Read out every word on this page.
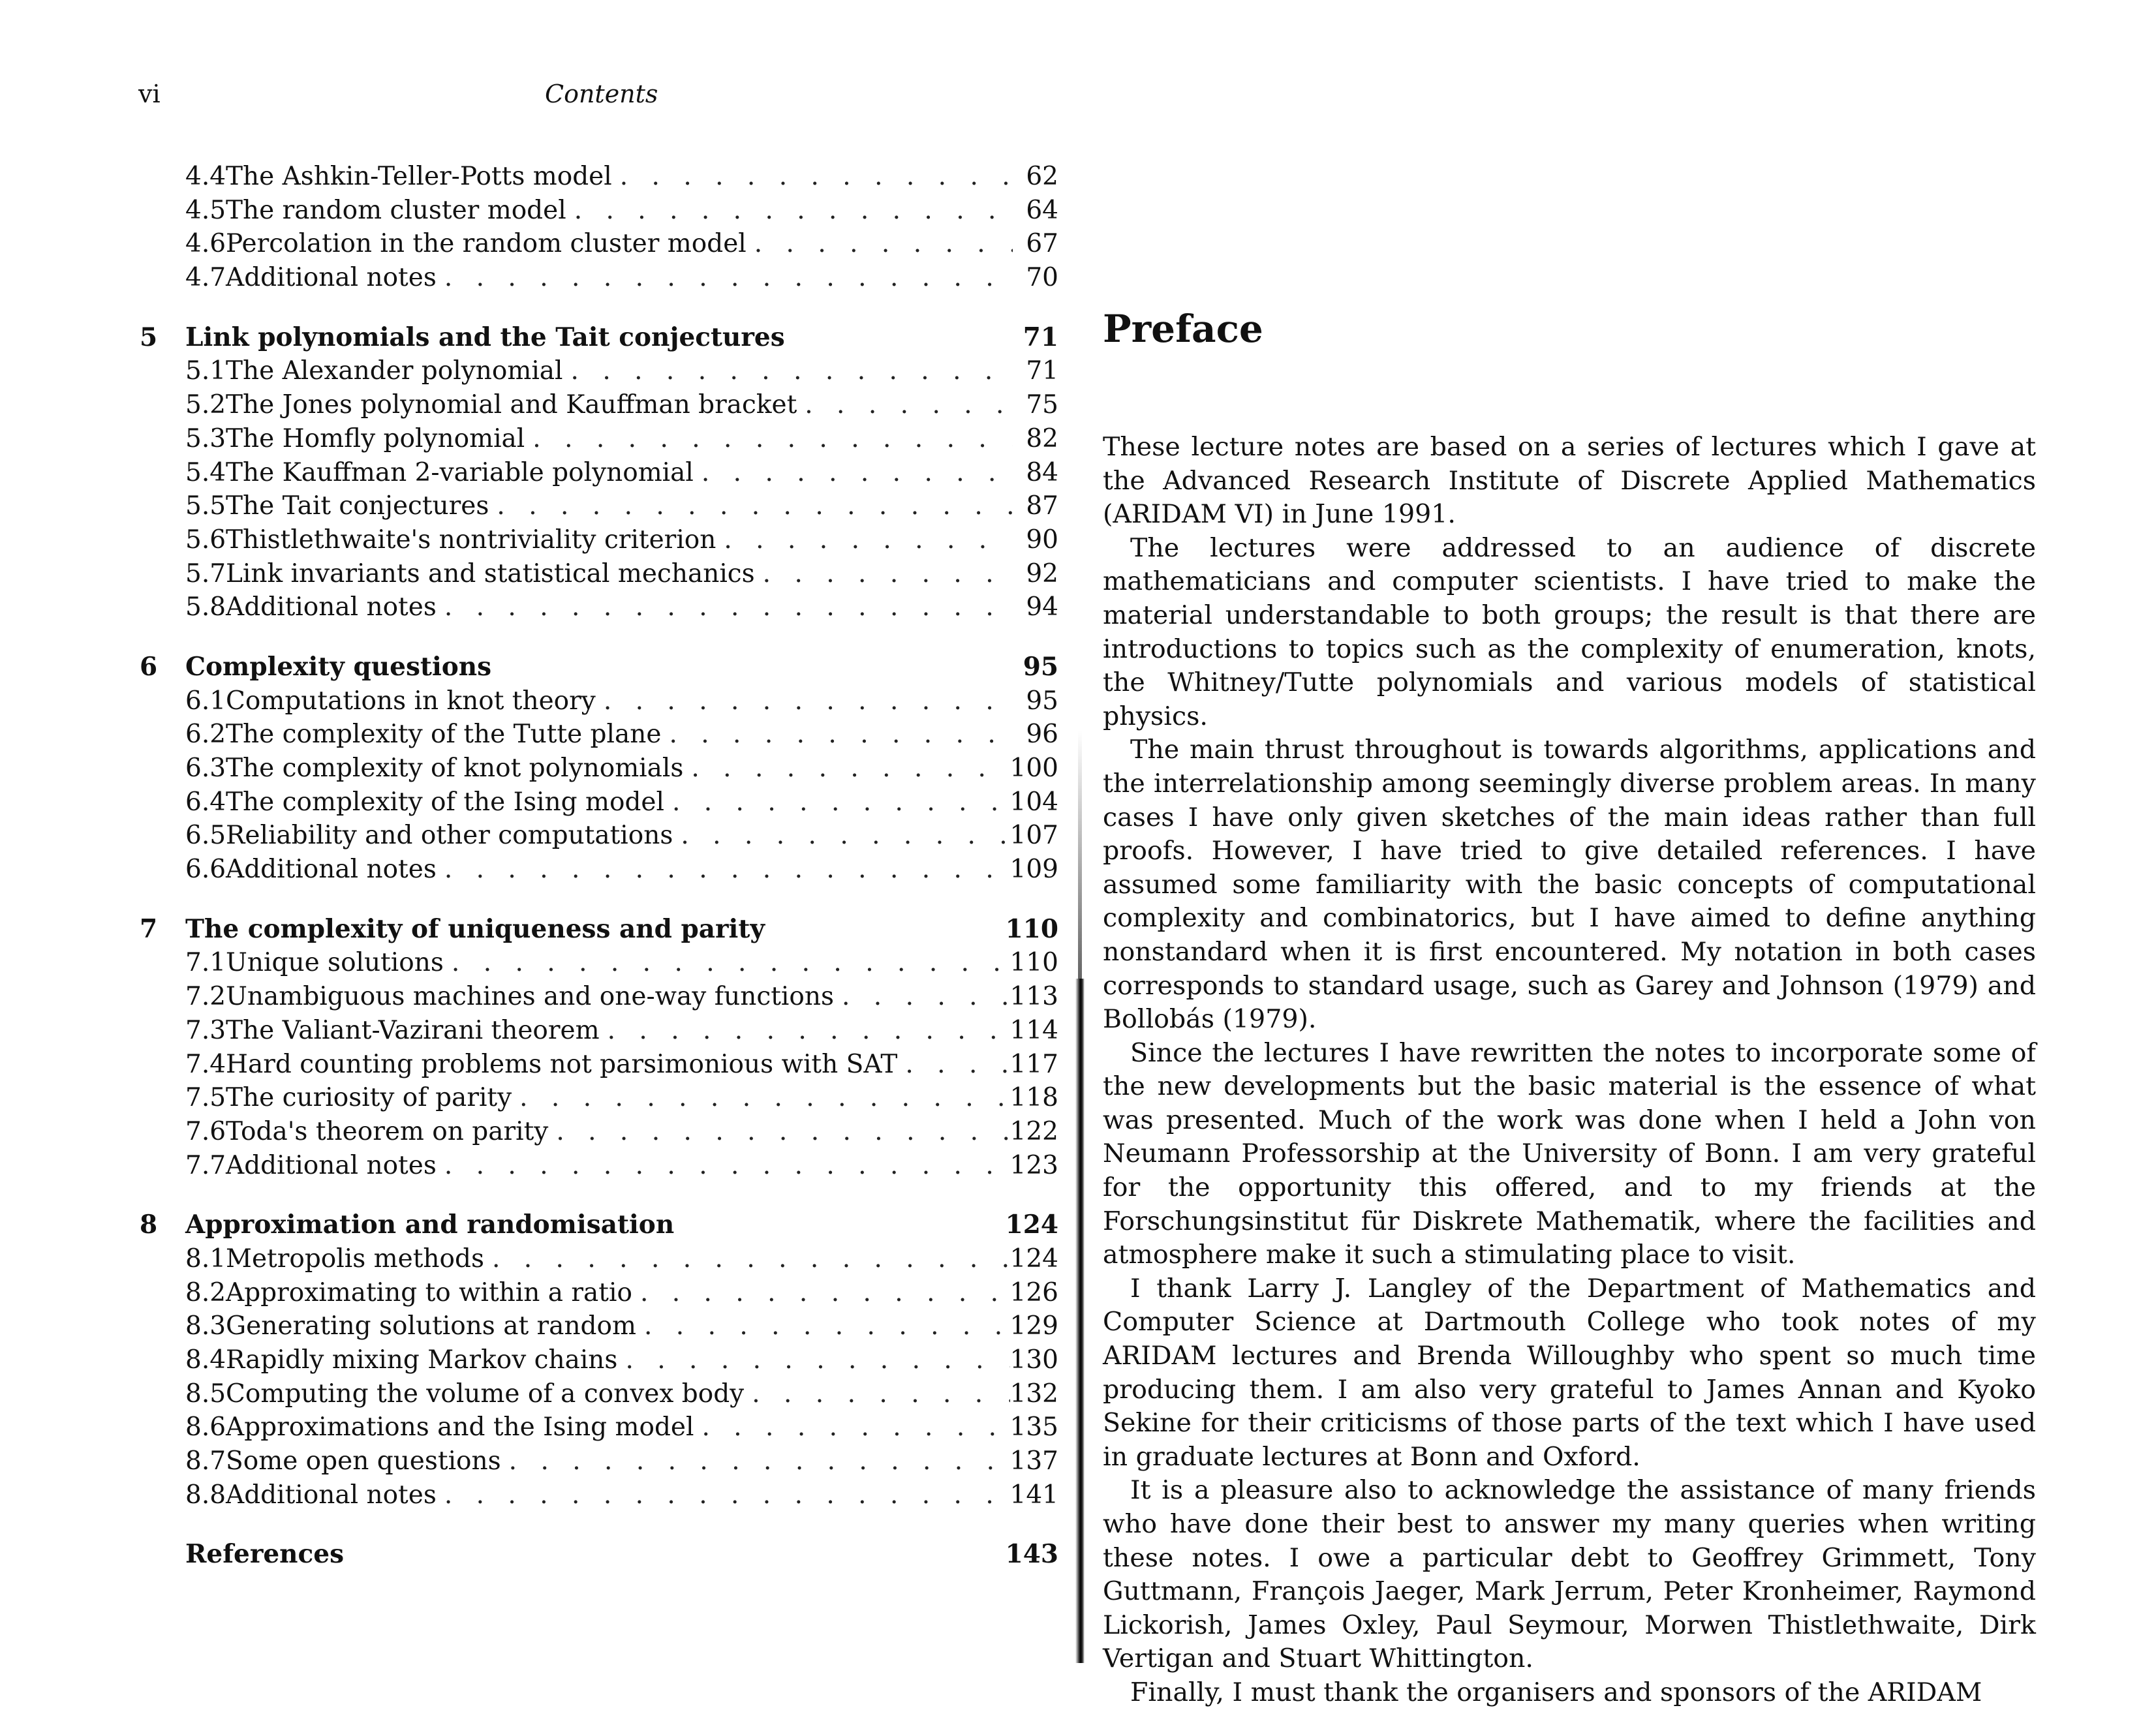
vi	Contents
4.4 The Ashkin-Teller-Potts model . . .	62
4.5 The random cluster model . . .	64
4.6 Percolation in the random cluster model . . .	67
4.7 Additional notes . . .	70
5	Link polynomials and the Tait conjectures	71
5.1 The Alexander polynomial . . .	71
5.2 The Jones polynomial and Kauffman bracket . . .	75
5.3 The Homfly polynomial . . .	82
5.4 The Kauffman 2-variable polynomial . . .	84
5.5 The Tait conjectures . . .	87
5.6 Thistlethwaite's nontriviality criterion . . .	90
5.7 Link invariants and statistical mechanics . . .	92
5.8 Additional notes . . .	94
6	Complexity questions	95
6.1 Computations in knot theory . . .	95
6.2 The complexity of the Tutte plane . . .	96
6.3 The complexity of knot polynomials . . .	100
6.4 The complexity of the Ising model . . .	104
6.5 Reliability and other computations . . .	107
6.6 Additional notes . . .	109
7	The complexity of uniqueness and parity	110
7.1 Unique solutions . . .	110
7.2 Unambiguous machines and one-way functions . . .	113
7.3 The Valiant-Vazirani theorem . . .	114
7.4 Hard counting problems not parsimonious with SAT . . .	117
7.5 The curiosity of parity . . .	118
7.6 Toda's theorem on parity . . .	122
7.7 Additional notes . . .	123
8	Approximation and randomisation	124
8.1 Metropolis methods . . .	124
8.2 Approximating to within a ratio . . .	126
8.3 Generating solutions at random . . .	129
8.4 Rapidly mixing Markov chains . . .	130
8.5 Computing the volume of a convex body . . .	132
8.6 Approximations and the Ising model . . .	135
8.7 Some open questions . . .	137
8.8 Additional notes . . .	141
References	143
Preface

These lecture notes are based on a series of lectures which I gave at the Advanced Research Institute of Discrete Applied Mathematics (ARIDAM VI) in June 1991.

The lectures were addressed to an audience of discrete mathematicians and computer scientists. I have tried to make the material understandable to both groups; the result is that there are introductions to topics such as the complexity of enumeration, knots, the Whitney/Tutte polynomials and various models of statistical physics.

The main thrust throughout is towards algorithms, applications and the interrelationship among seemingly diverse problem areas. In many cases I have only given sketches of the main ideas rather than full proofs. However, I have tried to give detailed references. I have assumed some familiarity with the basic concepts of computational complexity and combinatorics, but I have aimed to define anything nonstandard when it is first encountered. My notation in both cases corresponds to standard usage, such as Garey and Johnson (1979) and Bollobás (1979).

Since the lectures I have rewritten the notes to incorporate some of the new developments but the basic material is the essence of what was presented. Much of the work was done when I held a John von Neumann Professorship at the University of Bonn. I am very grateful for the opportunity this offered, and to my friends at the Forschungsinstitut für Diskrete Mathematik, where the facilities and atmosphere make it such a stimulating place to visit.

I thank Larry J. Langley of the Department of Mathematics and Computer Science at Dartmouth College who took notes of my ARIDAM lectures and Brenda Willoughby who spent so much time producing them. I am also very grateful to James Annan and Kyoko Sekine for their criticisms of those parts of the text which I have used in graduate lectures at Bonn and Oxford.

It is a pleasure also to acknowledge the assistance of many friends who have done their best to answer my many queries when writing these notes. I owe a particular debt to Geoffrey Grimmett, Tony Guttmann, François Jaeger, Mark Jerrum, Peter Kronheimer, Raymond Lickorish, James Oxley, Paul Seymour, Morwen Thistlethwaite, Dirk Vertigan and Stuart Whittington.

Finally, I must thank the organisers and sponsors of the ARIDAM
